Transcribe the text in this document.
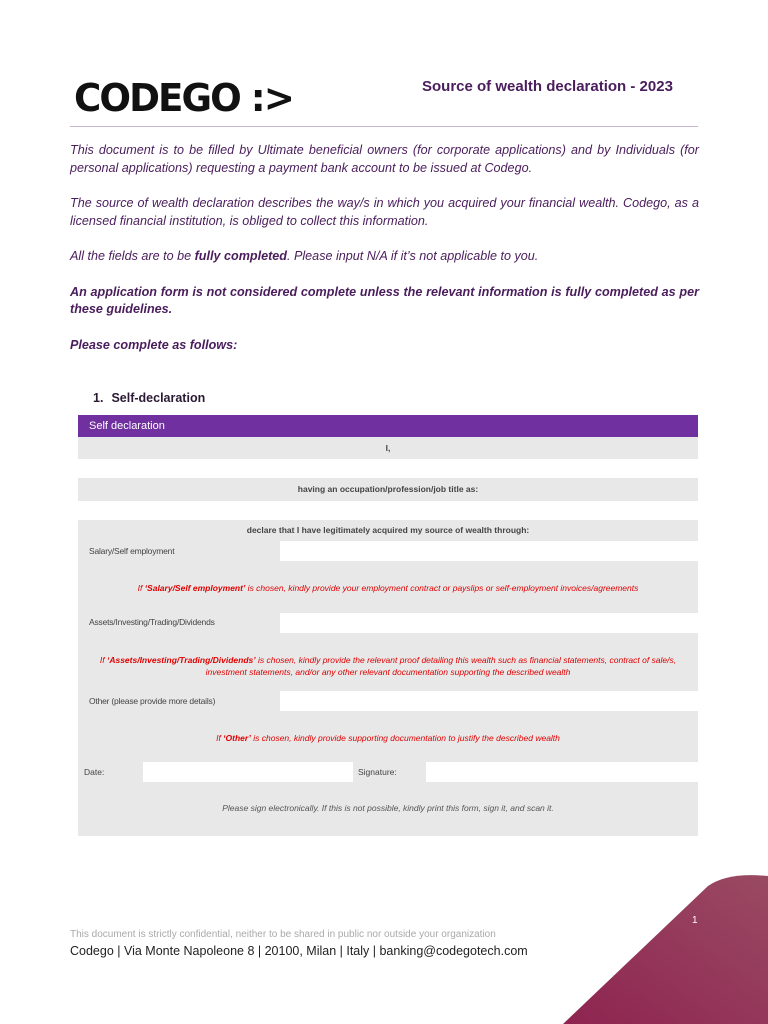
CODEGO :>	Source of wealth declaration - 2023

This document is to be filled by Ultimate beneficial owners (for corporate applications) and by Individuals (for personal applications) requesting a payment bank account to be issued at Codego.

The source of wealth declaration describes the way/s in which you acquired your financial wealth. Codego, as a licensed financial institution, is obliged to collect this information.

All the fields are to be fully completed. Please input N/A if it’s not applicable to you.

An application form is not considered complete unless the relevant information is fully completed as per these guidelines.

Please complete as follows:

1. Self-declaration
Self declaration
I,
having an occupation/profession/job title as:
declare that I have legitimately acquired my source of wealth through:
Salary/Self employment
If ‘Salary/Self employment’ is chosen, kindly provide your employment contract or payslips or self-employment invoices/agreements
Assets/Investing/Trading/Dividends
If ‘Assets/Investing/Trading/Dividends’ is chosen, kindly provide the relevant proof detailing this wealth such as financial statements, contract of sale/s, investment statements, and/or any other relevant documentation supporting the described wealth
Other (please provide more details)
If ‘Other’ is chosen, kindly provide supporting documentation to justify the described wealth
Date:	Signature:
Please sign electronically. If this is not possible, kindly print this form, sign it, and scan it.
This document is strictly confidential, neither to be shared in public nor outside your organization
Codego | Via Monte Napoleone 8 | 20100, Milan | Italy | banking@codegotech.com
1
